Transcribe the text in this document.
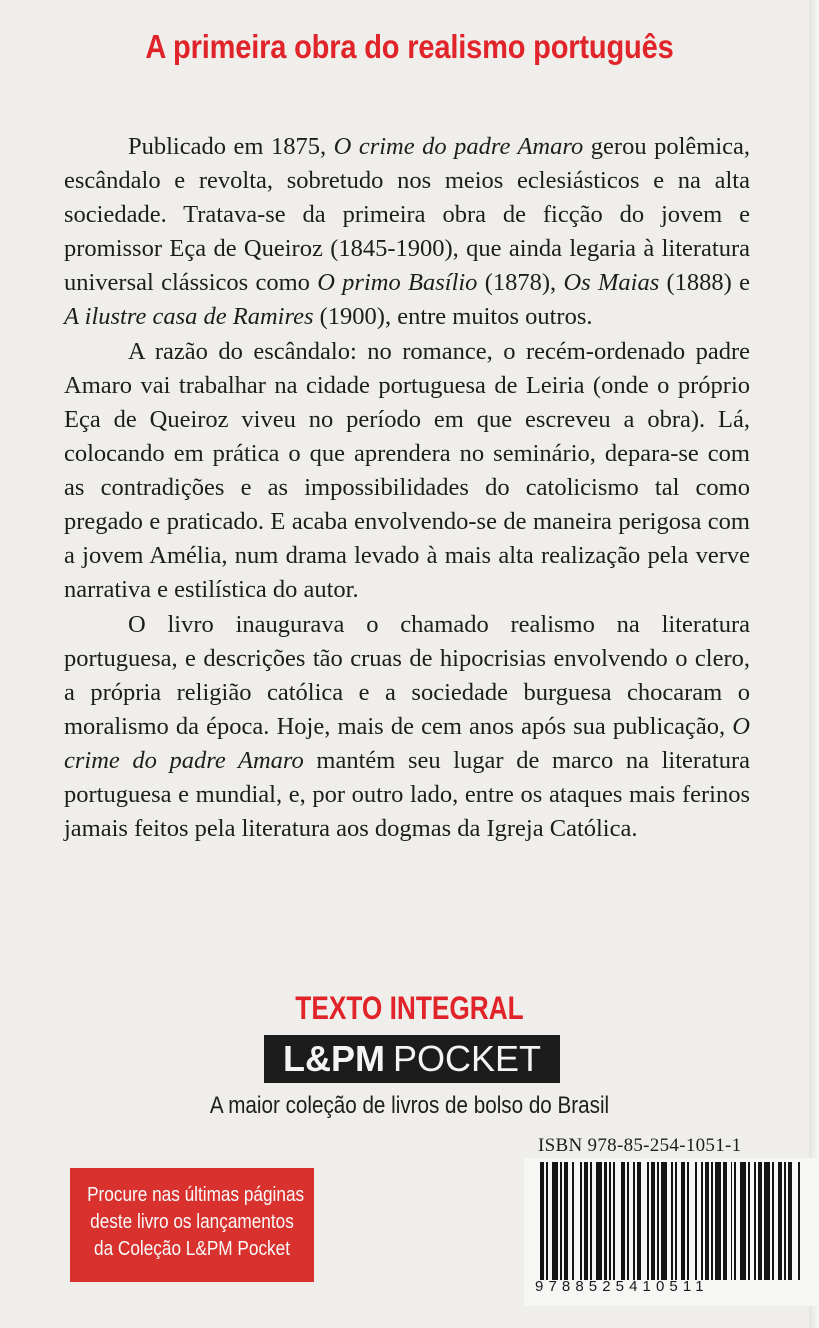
A primeira obra do realismo português

Publicado em 1875, O crime do padre Amaro gerou polêmica, escândalo e revolta, sobretudo nos meios eclesiásticos e na alta sociedade. Tratava-se da primeira obra de ficção do jovem e promissor Eça de Queiroz (1845-1900), que ainda legaria à literatura universal clássicos como O primo Basílio (1878), Os Maias (1888) e A ilustre casa de Ramires (1900), entre muitos outros.

A razão do escândalo: no romance, o recém-ordenado padre Amaro vai trabalhar na cidade portuguesa de Leiria (onde o próprio Eça de Queiroz viveu no período em que escreveu a obra). Lá, colocando em prática o que aprendera no seminário, depara-se com as contradições e as impossibilidades do catolicismo tal como pregado e praticado. E acaba envolvendo-se de maneira perigosa com a jovem Amélia, num drama levado à mais alta realização pela verve narrativa e estilística do autor.

O livro inaugurava o chamado realismo na literatura portuguesa, e descrições tão cruas de hipocrisias envolvendo o clero, a própria religião católica e a sociedade burguesa chocaram o moralismo da época. Hoje, mais de cem anos após sua publicação, O crime do padre Amaro mantém seu lugar de marco na literatura portuguesa e mundial, e, por outro lado, entre os ataques mais ferinos jamais feitos pela literatura aos dogmas da Igreja Católica.

TEXTO INTEGRAL
L&PM POCKET
A maior coleção de livros de bolso do Brasil
ISBN 978-85-254-1051-1
9788525410511
Procure nas últimas páginas
deste livro os lançamentos
da Coleção L&PM Pocket
